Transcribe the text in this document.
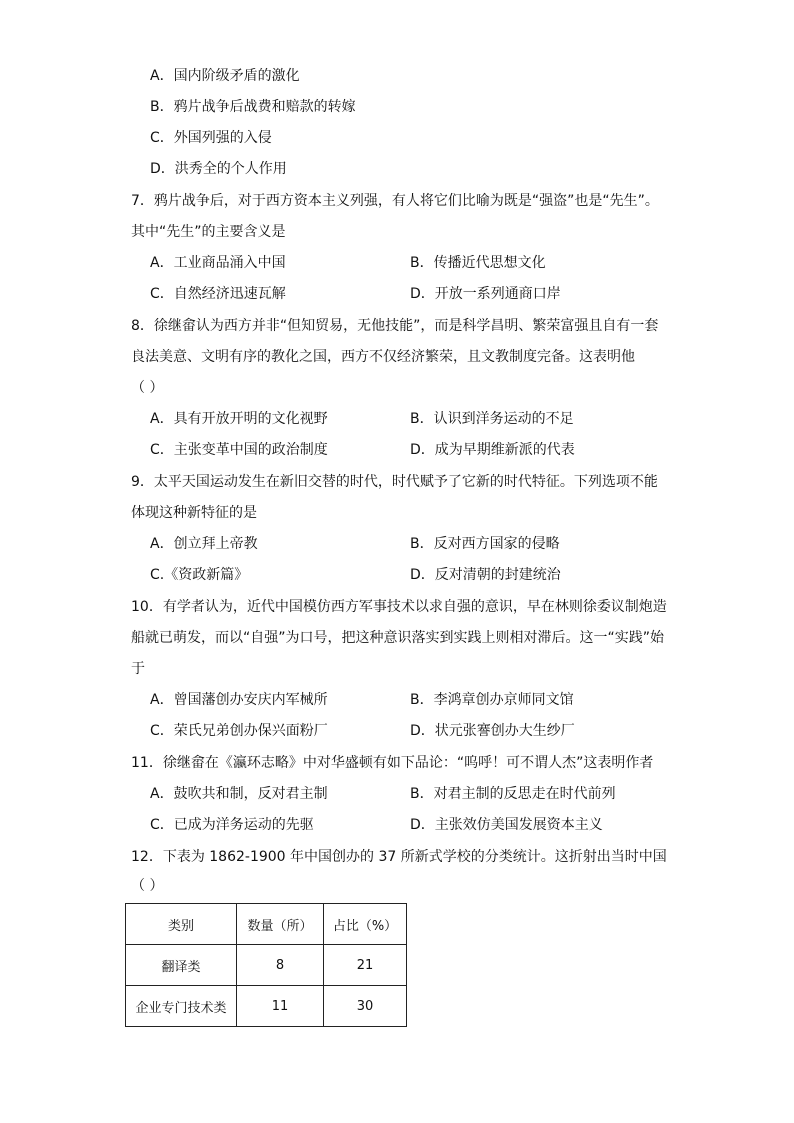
A．国内阶级矛盾的激化
B．鸦片战争后战费和赔款的转嫁
C．外国列强的入侵
D．洪秀全的个人作用
7．鸦片战争后，对于西方资本主义列强，有人将它们比喻为既是“强盗”也是“先生”。
其中“先生”的主要含义是
A．工业商品涌入中国	B．传播近代思想文化
C．自然经济迅速瓦解	D．开放一系列通商口岸
8．徐继畲认为西方并非“但知贸易，无他技能”，而是科学昌明、繁荣富强且自有一套
良法美意、文明有序的教化之国，西方不仅经济繁荣，且文教制度完备。这表明他
（ ）
A．具有开放开明的文化视野	B．认识到洋务运动的不足
C．主张变革中国的政治制度	D．成为早期维新派的代表
9．太平天国运动发生在新旧交替的时代，时代赋予了它新的时代特征。下列选项不能
体现这种新特征的是
A．创立拜上帝教	B．反对西方国家的侵略
C.《资政新篇》	D．反对清朝的封建统治
10．有学者认为，近代中国模仿西方军事技术以求自强的意识，早在林则徐委议制炮造
船就已萌发，而以“自强”为口号，把这种意识落实到实践上则相对滞后。这一“实践”始
于
A．曾国藩创办安庆内军械所	B．李鸿章创办京师同文馆
C．荣氏兄弟创办保兴面粉厂	D．状元张謇创办大生纱厂
11．徐继畲在《瀛环志略》中对华盛顿有如下品论：“呜呼！可不谓人杰”这表明作者
A．鼓吹共和制，反对君主制	B．对君主制的反思走在时代前列
C．已成为洋务运动的先驱	D．主张效仿美国发展资本主义
12．下表为 1862-1900 年中国创办的 37 所新式学校的分类统计。这折射出当时中国
（ ）
类别	数量（所）	占比（%）
翻译类	8	21
企业专门技术类	11	30
